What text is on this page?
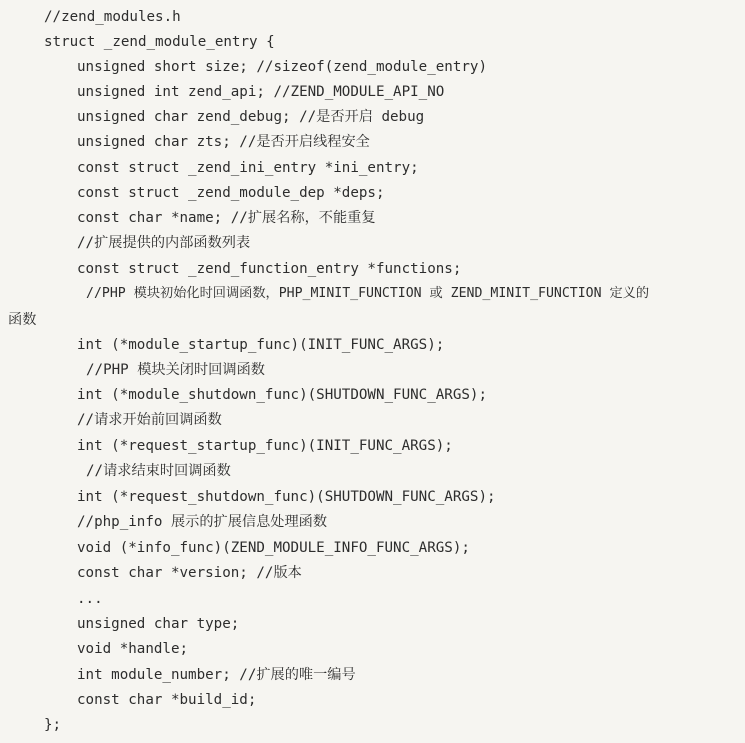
//zend_modules.h
struct _zend_module_entry {
unsigned short size; //sizeof(zend_module_entry)
unsigned int zend_api; //ZEND_MODULE_API_NO
unsigned char zend_debug; //是否开启 debug
unsigned char zts; //是否开启线程安全
const struct _zend_ini_entry *ini_entry;
const struct _zend_module_dep *deps;
const char *name; //扩展名称，不能重复
//扩展提供的内部函数列表
const struct _zend_function_entry *functions;
//PHP 模块初始化时回调函数，PHP_MINIT_FUNCTION 或 ZEND_MINIT_FUNCTION 定义的
函数
int (*module_startup_func)(INIT_FUNC_ARGS);
//PHP 模块关闭时回调函数
int (*module_shutdown_func)(SHUTDOWN_FUNC_ARGS);
//请求开始前回调函数
int (*request_startup_func)(INIT_FUNC_ARGS);
//请求结束时回调函数
int (*request_shutdown_func)(SHUTDOWN_FUNC_ARGS);
//php_info 展示的扩展信息处理函数
void (*info_func)(ZEND_MODULE_INFO_FUNC_ARGS);
const char *version; //版本
...
unsigned char type;
void *handle;
int module_number; //扩展的唯一编号
const char *build_id;
};
